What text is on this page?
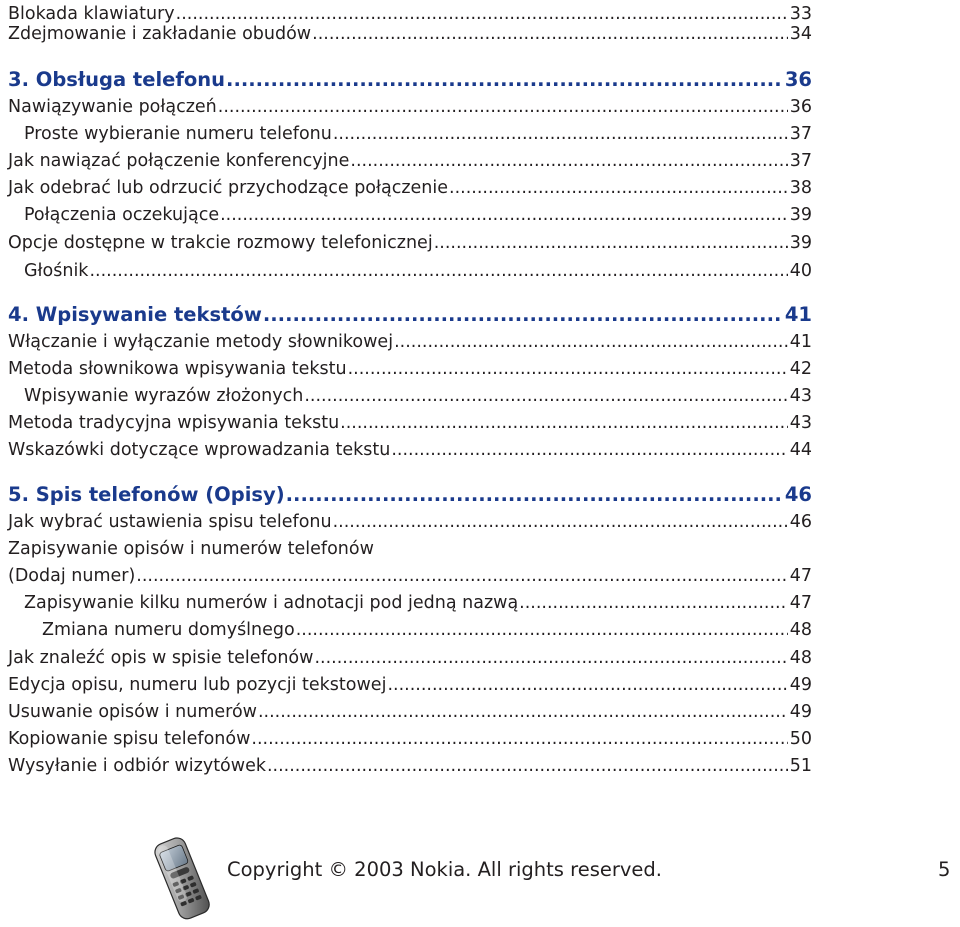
Blokada klawiatury .....	33
Zdejmowanie i zakładanie obudów .....	34
3. Obsługa telefonu .....	36
Nawiązywanie połączeń .....	36
Proste wybieranie numeru telefonu .....	37
Jak nawiązać połączenie konferencyjne .....	37
Jak odebrać lub odrzucić przychodzące połączenie .....	38
Połączenia oczekujące .....	39
Opcje dostępne w trakcie rozmowy telefonicznej .....	39
Głośnik .....	40
4. Wpisywanie tekstów .....	41
Włączanie i wyłączanie metody słownikowej .....	41
Metoda słownikowa wpisywania tekstu .....	42
Wpisywanie wyrazów złożonych .....	43
Metoda tradycyjna wpisywania tekstu .....	43
Wskazówki dotyczące wprowadzania tekstu .....	44
5. Spis telefonów (Opisy) .....	46
Jak wybrać ustawienia spisu telefonu .....	46
Zapisywanie opisów i numerów telefonów
(Dodaj numer) .....	47
Zapisywanie kilku numerów i adnotacji pod jedną nazwą .....	47
Zmiana numeru domyślnego .....	48
Jak znaleźć opis w spisie telefonów .....	48
Edycja opisu, numeru lub pozycji tekstowej .....	49
Usuwanie opisów i numerów .....	49
Kopiowanie spisu telefonów .....	50
Wysyłanie i odbiór wizytówek .....	51
Copyright © 2003 Nokia. All rights reserved.	5
